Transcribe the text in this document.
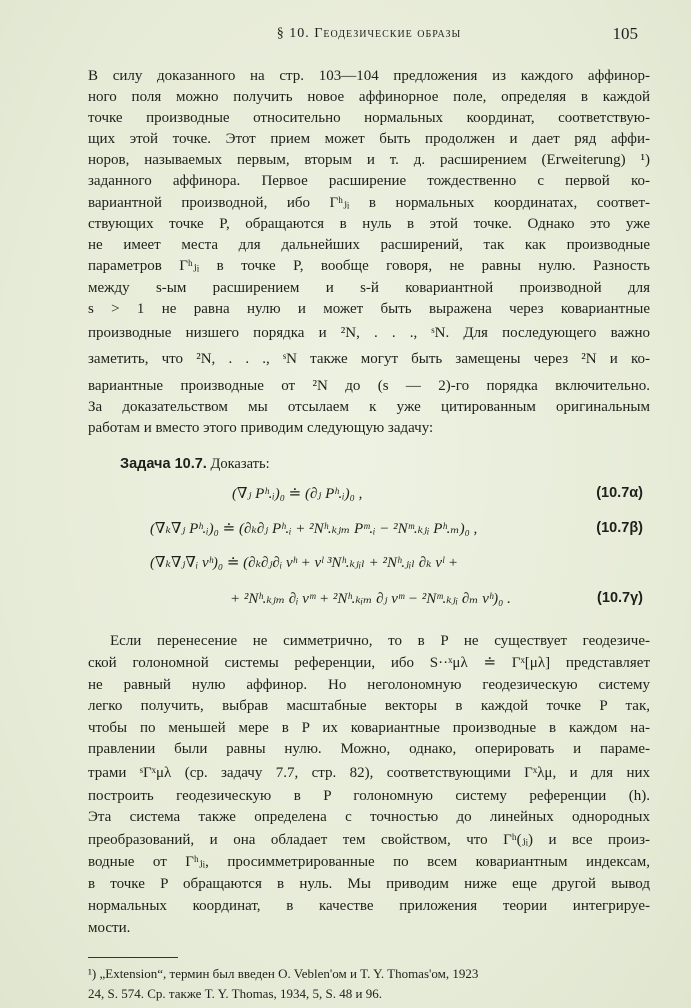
§ 10. Геодезические образы	105
В силу доказанного на стр. 103—104 предложения из каждого аффинор-
ного поля можно получить новое аффинорное поле, определяя в каждой
точке производные относительно нормальных координат, соответствую-
щих этой точке. Этот прием может быть продолжен и дает ряд аффи-
норов, называемых первым, вторым и т. д. расширением (Erweiterung) ¹)
заданного аффинора. Первое расширение тождественно с первой ко-
вариантной производной, ибо Γʰⱼᵢ в нормальных координатах, соответ-
ствующих точке P, обращаются в нуль в этой точке. Однако это уже
не имеет места для дальнейших расширений, так как производные
параметров Γʰⱼᵢ в точке P, вообще говоря, не равны нулю. Разность
между s-ым расширением и s-й ковариантной производной для
s > 1 не равна нулю и может быть выражена через ковариантные
производные низшего порядка и ²N, . . ., ˢN. Для последующего важно
заметить, что ²N, . . ., ˢN также могут быть замещены через ²N и ко-
вариантные производные от ²N до (s — 2)-го порядка включительно.
За доказательством мы отсылаем к уже цитированным оригинальным
работам и вместо этого приводим следующую задачу:
Задача 10.7. Доказать:
(∇ⱼ Pʰ.ᵢ)₀ ≐ (∂ⱼ Pʰ.ᵢ)₀ ,	(10.7α)
(∇ₖ∇ⱼ Pʰ.ᵢ)₀ ≐ (∂ₖ∂ⱼ Pʰ.ᵢ + ²Nʰ.ₖⱼₘ Pᵐ.ᵢ − ²Nᵐ.ₖⱼᵢ Pʰ.ₘ)₀ ,	(10.7β)
(∇ₖ∇ⱼ∇ᵢ vʰ)₀ ≐ (∂ₖ∂ⱼ∂ᵢ vʰ + vˡ ³Nʰ.ₖⱼᵢₗ + ²Nʰ.ⱼᵢₗ ∂ₖ vˡ +
+ ²Nʰ.ₖⱼₘ ∂ᵢ vᵐ + ²Nʰ.ₖᵢₘ ∂ⱼ vᵐ − ²Nᵐ.ₖⱼᵢ ∂ₘ vʰ)₀ .	(10.7γ)
Если перенесение не симметрично, то в P не существует геодезиче-
ской голономной системы референции, ибо S··ˣμλ ≐ Γˣ[μλ] представляет
не равный нулю аффинор. Но неголономную геодезическую систему
легко получить, выбрав масштабные векторы в каждой точке P так,
чтобы по меньшей мере в P их ковариантные производные в каждом на-
правлении были равны нулю. Можно, однако, оперировать и параме-
трами ˢΓˣμλ (ср. задачу 7.7, стр. 82), соответствующими Γˣλμ, и для них
построить геодезическую в P голономную систему референции (h).
Эта система также определена с точностью до линейных однородных
преобразований, и она обладает тем свойством, что Γʰ(ⱼᵢ) и все произ-
водные от Γʰⱼᵢ, просимметрированные по всем ковариантным индексам,
в точке P обращаются в нуль. Мы приводим ниже еще другой вывод
нормальных координат, в качестве приложения теории интегрируе-
мости.
¹) „Extension“, термин был введен O. Veblen'ом и T. Y. Thomas'ом, 1923
24, S. 574. Ср. также T. Y. Thomas, 1934, 5, S. 48 и 96.
